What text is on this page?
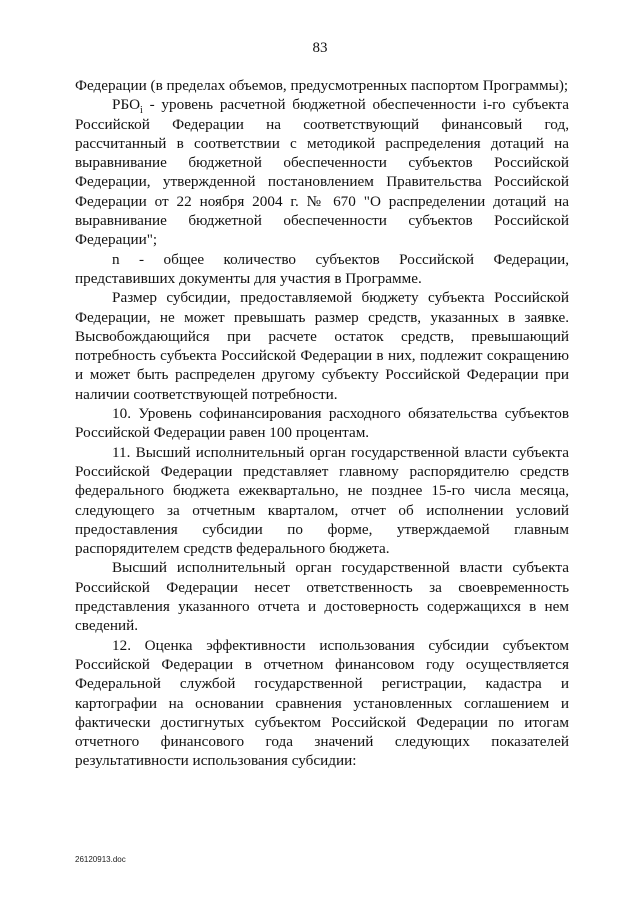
83

Федерации (в пределах объемов, предусмотренных паспортом Программы);

$РБО_i$ - уровень расчетной бюджетной обеспеченности i-го субъекта Российской Федерации на соответствующий финансовый год, рассчитанный в соответствии с методикой распределения дотаций на выравнивание бюджетной обеспеченности субъектов Российской Федерации, утвержденной постановлением Правительства Российской Федерации от 22 ноября 2004 г. № 670 "О распределении дотаций на выравнивание бюджетной обеспеченности субъектов Российской Федерации";

n - общее количество субъектов Российской Федерации, представивших документы для участия в Программе.

Размер субсидии, предоставляемой бюджету субъекта Российской Федерации, не может превышать размер средств, указанных в заявке. Высвобождающийся при расчете остаток средств, превышающий потребность субъекта Российской Федерации в них, подлежит сокращению и может быть распределен другому субъекту Российской Федерации при наличии соответствующей потребности.

10. Уровень софинансирования расходного обязательства субъектов Российской Федерации равен 100 процентам.

11. Высший исполнительный орган государственной власти субъекта Российской Федерации представляет главному распорядителю средств федерального бюджета ежеквартально, не позднее 15-го числа месяца, следующего за отчетным кварталом, отчет об исполнении условий предоставления субсидии по форме, утверждаемой главным распорядителем средств федерального бюджета.

Высший исполнительный орган государственной власти субъекта Российской Федерации несет ответственность за своевременность представления указанного отчета и достоверность содержащихся в нем сведений.

12. Оценка эффективности использования субсидии субъектом Российской Федерации в отчетном финансовом году осуществляется Федеральной службой государственной регистрации, кадастра и картографии на основании сравнения установленных соглашением и фактически достигнутых субъектом Российской Федерации по итогам отчетного финансового года значений следующих показателей результативности использования субсидии:

26120913.doc
